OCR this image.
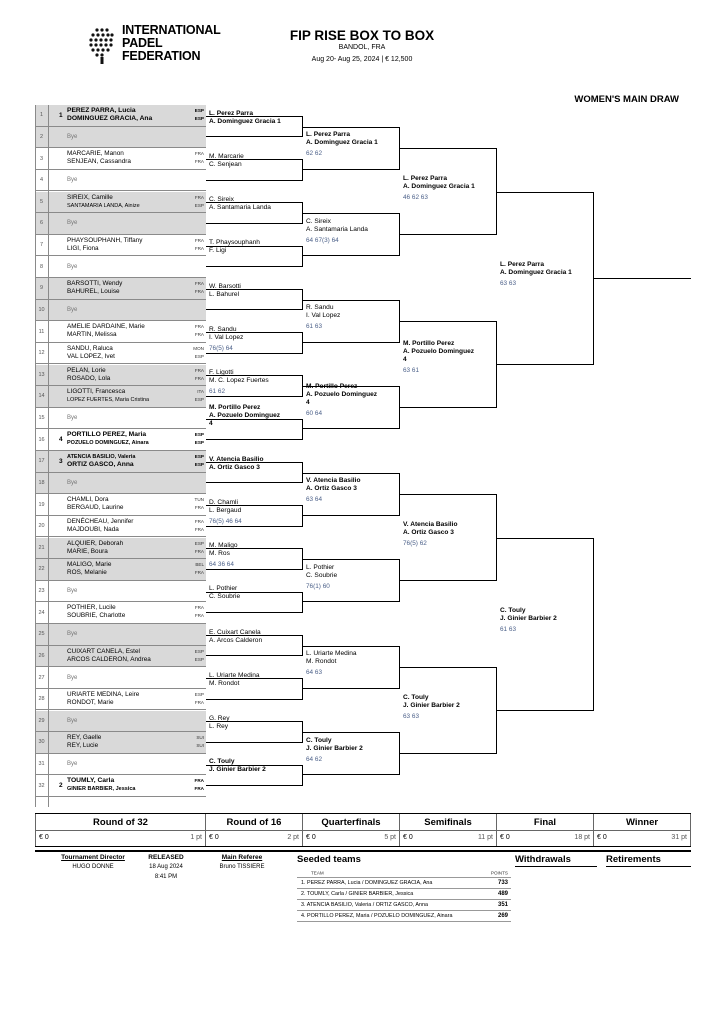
INTERNATIONAL
PADEL
FEDERATION
FIP RISE BOX TO BOX
BANDOL, FRA
Aug 20- Aug 25, 2024 | € 12,500
WOMEN'S MAIN DRAW
1	1
PEREZ PARRA, Lucia
DOMINGUEZ GRACIA, Ana
ESP
ESP
2	Bye
3
MARCARIE, Manon
SENJEAN, Cassandra
FRA
FRA
4	Bye
5
SIREIX, Camille
SANTAMARIA LANDA, Ainize
FRA
ESP
6	Bye
7
PHAYSOUPHANH, Tiffany
LIGI, Fiona
FRA
FRA
8	Bye
9
BARSOTTI, Wendy
BAHUREL, Louise
FRA
FRA
10	Bye
11
AMELIE DARDAINE, Marie
MARTIN, Melissa
FRA
FRA
12
SANDU, Raluca
VAL LOPEZ, Ivet
MON
ESP
13
PELAN, Lorie
ROSADO, Lola
FRA
FRA
14
LIGOTTI, Francesca
LOPEZ FUERTES, Maria Cristina
ITA
ESP
15	Bye
16	4
PORTILLO PEREZ, Maria
POZUELO DOMINGUEZ, Ainara
ESP
ESP
17	3
ATENCIA BASILIO, Valeria
ORTIZ GASCO, Anna
ESP
ESP
18	Bye
19
CHAMLI, Dora
BERGAUD, Laurine
TUN
FRA
20
DENÉCHEAU, Jennifer
MAJDOUBI, Nada
FRA
FRA
21
ALQUIER, Deborah
MARIE, Boura
ESP
FRA
22
MALIGO, Marie
ROS, Melanie
BEL
FRA
23	Bye
24
POTHIER, Lucile
SOUBRIE, Charlotte
FRA
FRA
25	Bye
26
CUIXART CANELA, Estel
ARCOS CALDERON, Andrea
ESP
ESP
27	Bye
28
URIARTE MEDINA, Leire
RONDOT, Marie
ESP
FRA
29	Bye
30
REY, Gaelle
REY, Lucie
SUI
SUI
31	Bye
32	2
TOUMLY, Carla
GINIER BARBIER, Jessica
FRA
FRA
L. Perez Parra
A. Dominguez Gracia 1
M. Marcarie
C. Senjean
C. Sireix
A. Santamaria Landa
T. Phaysouphanh
F. Ligi
W. Barsotti
L. Bahurel
R. Sandu
I. Val Lopez
76(5) 64
F. Ligotti
M. C. Lopez Fuertes
61 62
M. Portillo Perez
A. Pozuelo Dominguez
4
V. Atencia Basilio
A. Ortiz Gasco 3
D. Chamli
L. Bergaud
76(5) 46 64
M. Maligo
M. Ros
64 36 64
L. Pothier
C. Soubrie
E. Cuixart Canela
A. Arcos Calderon
L. Uriarte Medina
M. Rondot
G. Rey
L. Rey
C. Touly
J. Ginier Barbier 2
L. Perez Parra
A. Dominguez Gracia 1
62 62
C. Sireix
A. Santamaria Landa
64 67(3) 64
R. Sandu
I. Val Lopez
61 63
M. Portillo Perez
A. Pozuelo Dominguez
4
60 64
V. Atencia Basilio
A. Ortiz Gasco 3
63 64
L. Pothier
C. Soubrie
76(1) 60
L. Uriarte Medina
M. Rondot
64 63
C. Touly
J. Ginier Barbier 2
64 62
L. Perez Parra
A. Dominguez Gracia 1
46 62 63
M. Portillo Perez
A. Pozuelo Dominguez
4
63 61
V. Atencia Basilio
A. Ortiz Gasco 3
76(5) 62
C. Touly
J. Ginier Barbier 2
63 63
L. Perez Parra
A. Dominguez Gracia 1
63 63
C. Touly
J. Ginier Barbier 2
61 63
Round of 32
€ 0	1 pt
Round of 16
€ 0	2 pt
Quarterfinals
€ 0	5 pt
Semifinals
€ 0	11 pt
Final
€ 0	18 pt
Winner
€ 0	31 pt
Tournament Director
HUGO DONNE
RELEASED
18 Aug 2024
8:41 PM
Main Referee
Bruno TISSIERE
Seeded teams
TEAM	POINTS
1. PEREZ PARRA, Lucia / DOMINGUEZ GRACIA, Ana	733
2. TOUMLY, Carla / GINIER BARBIER, Jessica	489
3. ATENCIA BASILIO, Valeria / ORTIZ GASCO, Anna	351
4. PORTILLO PEREZ, Maria / POZUELO DOMINGUEZ, Ainara	269
Withdrawals	Retirements
